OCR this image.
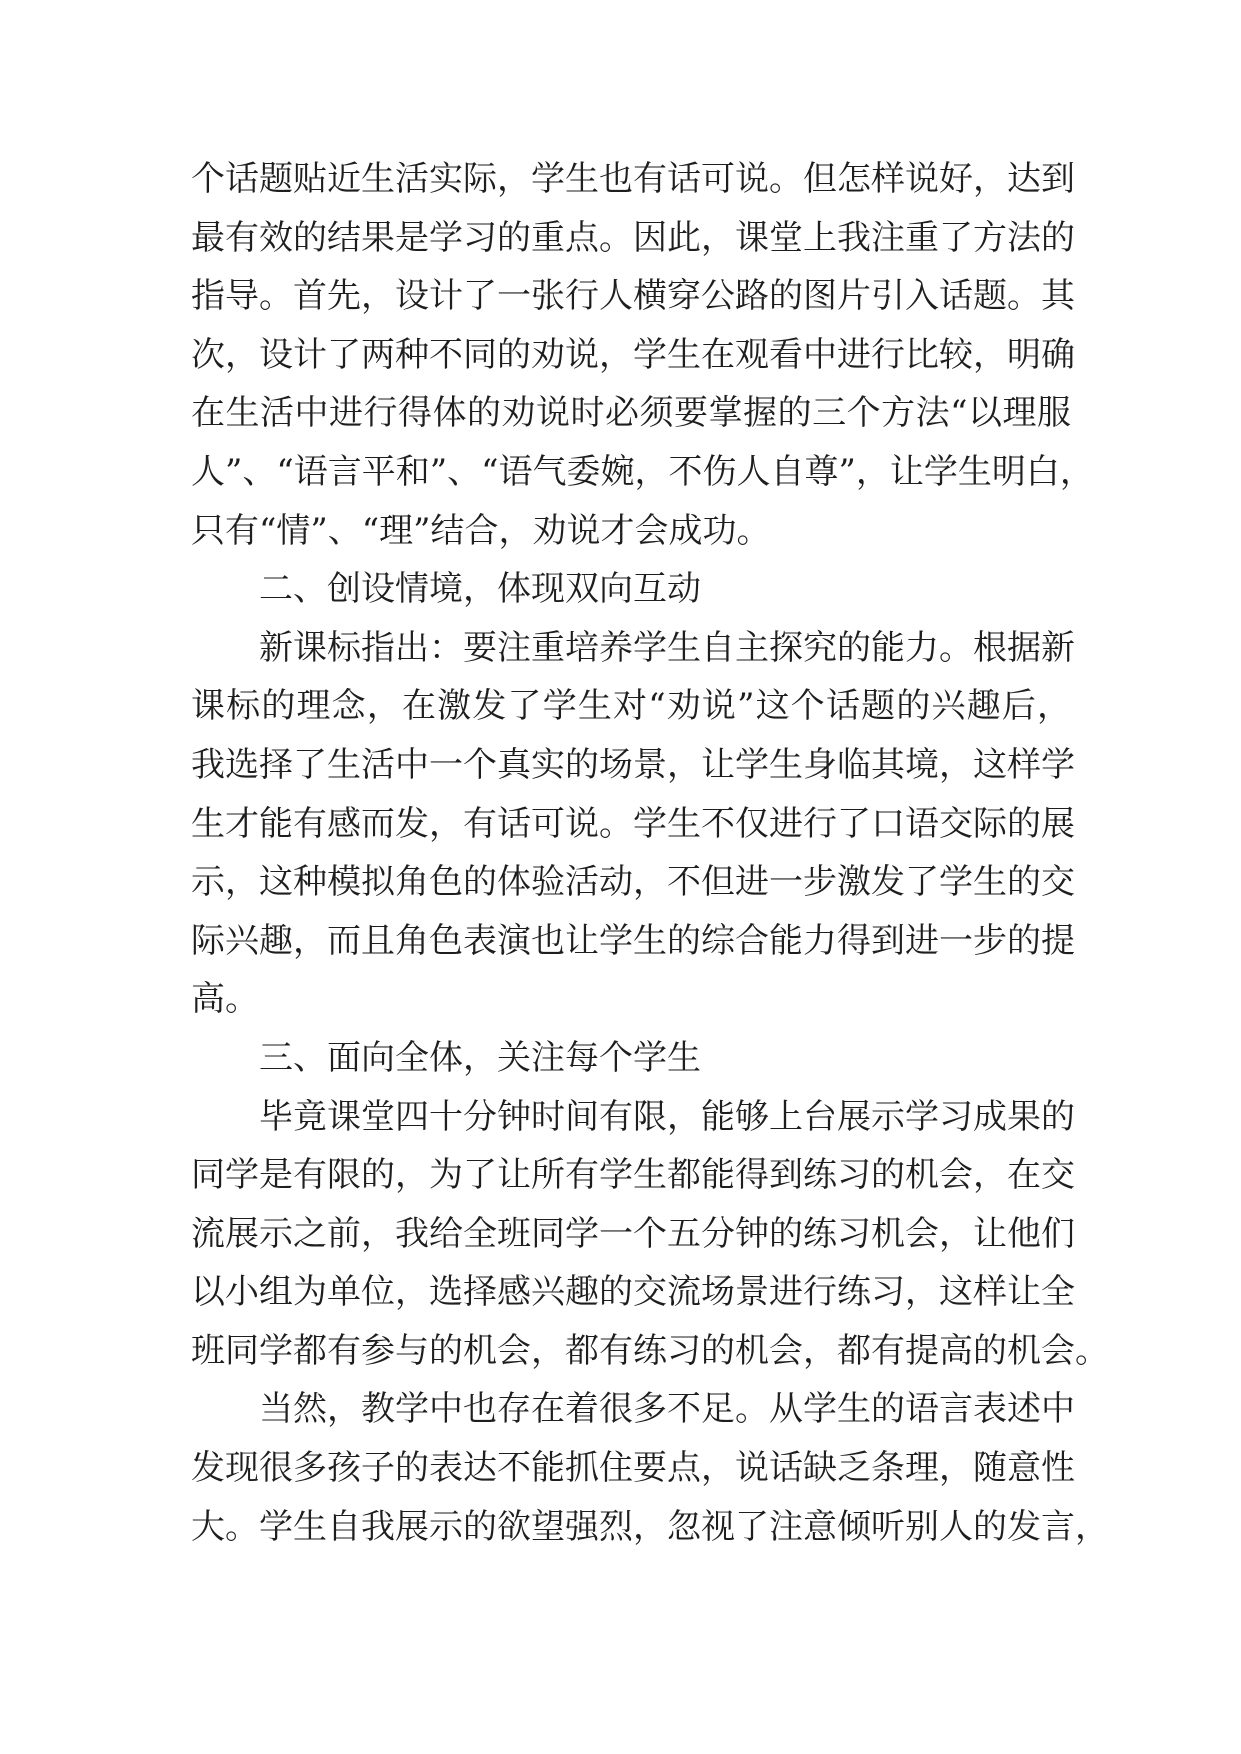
个话题贴近生活实际，学生也有话可说。但怎样说好，达到
最有效的结果是学习的重点。因此，课堂上我注重了方法的
指导。首先，设计了一张行人横穿公路的图片引入话题。其
次，设计了两种不同的劝说，学生在观看中进行比较，明确
在生活中进行得体的劝说时必须要掌握的三个方法“以理服
人”、“语言平和”、“语气委婉，不伤人自尊”，让学生明白，
只有“情”、“理”结合，劝说才会成功。
二、创设情境，体现双向互动
新课标指出：要注重培养学生自主探究的能力。根据新
课标的理念，在激发了学生对“劝说”这个话题的兴趣后，
我选择了生活中一个真实的场景，让学生身临其境，这样学
生才能有感而发，有话可说。学生不仅进行了口语交际的展
示，这种模拟角色的体验活动，不但进一步激发了学生的交
际兴趣，而且角色表演也让学生的综合能力得到进一步的提
高。
三、面向全体，关注每个学生
毕竟课堂四十分钟时间有限，能够上台展示学习成果的
同学是有限的，为了让所有学生都能得到练习的机会，在交
流展示之前，我给全班同学一个五分钟的练习机会，让他们
以小组为单位，选择感兴趣的交流场景进行练习，这样让全
班同学都有参与的机会，都有练习的机会，都有提高的机会。
当然，教学中也存在着很多不足。从学生的语言表述中
发现很多孩子的表达不能抓住要点，说话缺乏条理，随意性
大。学生自我展示的欲望强烈，忽视了注意倾听别人的发言，
